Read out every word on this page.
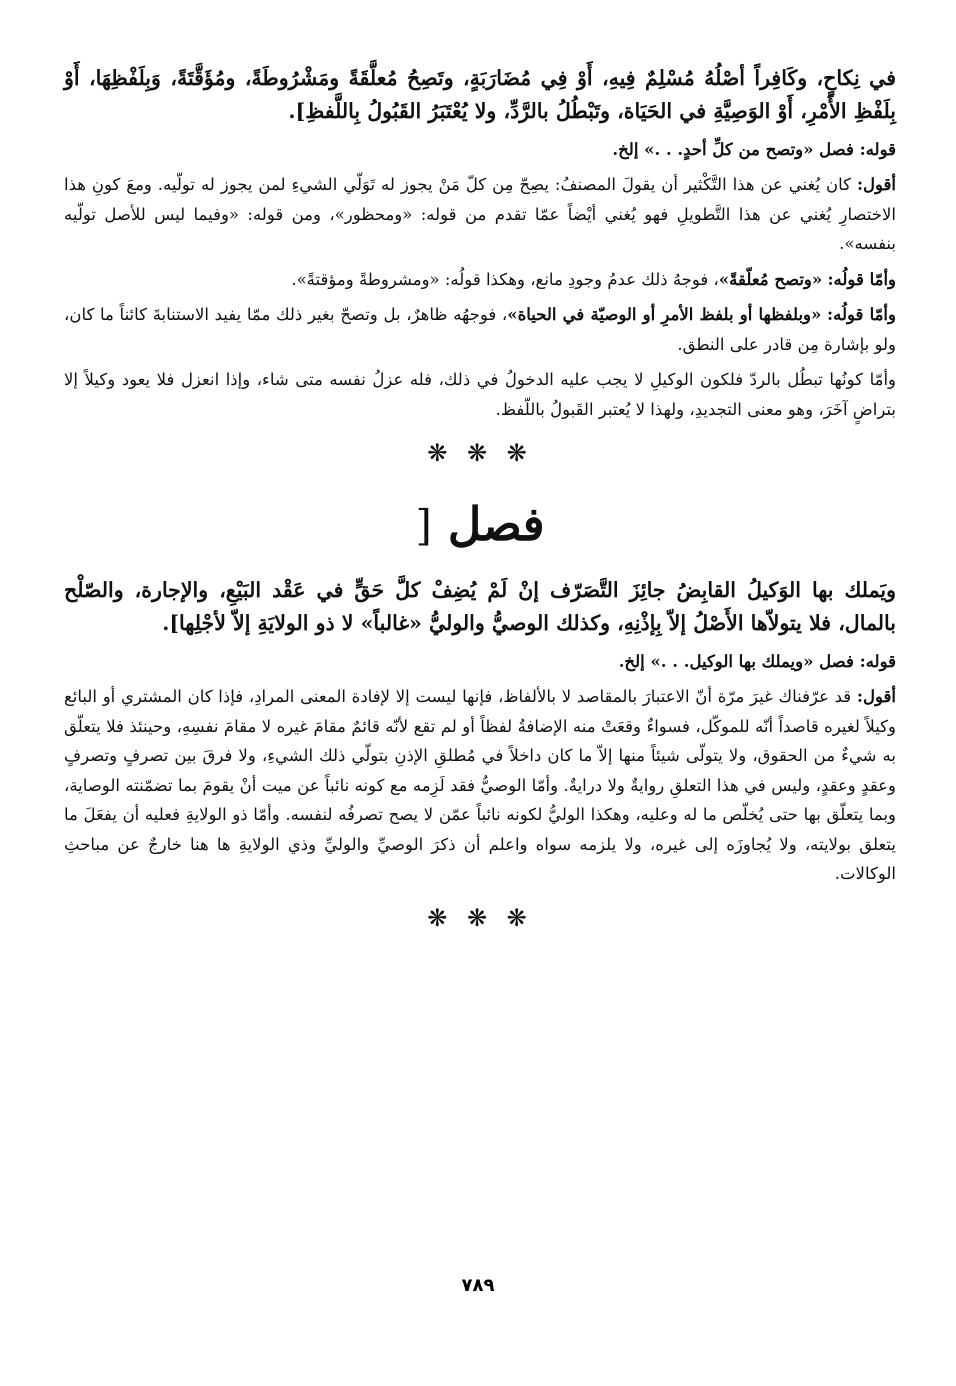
في نِكاحٍ، وكَافِراً أصْلُهُ مُسْلِمٌ فِيهِ، أَوْ فِي مُضَارَبَةٍ، وتَصِحُ مُعلَّقَةً ومَشْرُوطَةً، ومُؤَقَّتَةً، وَبِلَفْظِهَا، أَوْ بِلَفْظِ الأَمْرِ، أَوْ الوَصِيَّةِ في الحَيَاة، وتَبْطُلُ بالرَّدِّ، ولا يُعْتَبَرُ القَبُولُ بِاللَّفظِ].

قوله: فصل «وتصح من كلِّ أحدٍ. . .» إلخ.

أقول: كان يُغني عن هذا التَّكْثير أن يقولَ المصنفُ: يصِحّ مِن كلّ مَنْ يجوز له تَوَلّي الشيءِ لمن يجوز له تولّيه. ومعَ كونِ هذا الاختصارِ يُغني عن هذا التَّطويلِ فهو يُغني أيْضاً عمّا تقدم من قوله: «ومحظور»، ومن قوله: «وفيما ليس للأصل تولّيه بنفسه».

وأمّا قولُه: «وتصح مُعلّقةً»، فوجهُ ذلك عدمُ وجودِ مانع، وهكذا قولُه: «ومشروطةً ومؤقتةً».

وأمّا قولُه: «وبلفظها أو بلفظ الأمرِ أو الوصيّة في الحياة»، فوجهُه ظاهرٌ، بل وتصحّ بغير ذلك ممّا يفيد الاستنابةَ كائناً ما كان، ولو بإشارة مِن قادر على النطق.

وأمّا كونُها تبطُل بالردّ فلكون الوكيلِ لا يجب عليه الدخولُ في ذلك، فله عزلُ نفسه متى شاء، وإذا انعزل فلا يعود وكيلاً إلا بتراضٍ آخَرَ، وهو معنى التجديدِ، ولهذا لا يُعتبر القَبولُ باللّفظ.

❋ ❋ ❋
فصل [

ويَملك بها الوَكيلُ القابِضُ جائِزَ التَّصَرّف إنْ لَمْ يُضِفْ كلَّ حَقٍّ في عَقْد البَيْعِ، والإجارة، والصّلْح بالمال، فلا يتولاّها الأَصْلُ إلاّ بِإذْنِهِ، وكذلك الوصيُّ والوليُّ «غالباً» لا ذو الولايَةِ إلاّ لأجْلِها].

قوله: فصل «ويملك بها الوكيل. . .» إلخ.

أقول: قد عرّفناك غيرَ مرّة أنّ الاعتبارَ بالمقاصد لا بالألفاظ، فإنها ليست إلا لإفادة المعنى المرادِ، فإذا كان المشتري أو البائع وكيلاً لغيره قاصداً أنّه للموكّل، فسواءٌ وقعَتْ منه الإضافةُ لفظاً أو لم تقع لأنّه قائمٌ مقامَ غيره لا مقامَ نفسِهِ، وحينئذ فلا يتعلّق به شيءٌ من الحقوق، ولا يتولّى شيئاً منها إلاّ ما كان داخلاً في مُطلقِ الإذنِ بتولّي ذلك الشيءِ، ولا فرقَ بين تصرفٍ وتصرفٍ وعقدٍ وعقدٍ، وليس في هذا التعلقِ روايةٌ ولا درايةٌ. وأمّا الوصيُّ فقد لَزِمه مع كونه نائباً عن ميت أنْ يقومَ بما تضمّنته الوصاية، وبما يتعلّق بها حتى يُخلّص ما له وعليه، وهكذا الوليُّ لكونه نائباً عمّن لا يصح تصرفُه لنفسه. وأمّا ذو الولايةِ فعليه أن يفعَلَ ما يتعلق بولايته، ولا يُجاوزَه إلى غيره، ولا يلزمه سواه واعلم أن ذكرَ الوصيِّ والوليِّ وذي الولايةِ ها هنا خارجٌ عن مباحثِ الوكالات.

❋ ❋ ❋
٧٨٩
